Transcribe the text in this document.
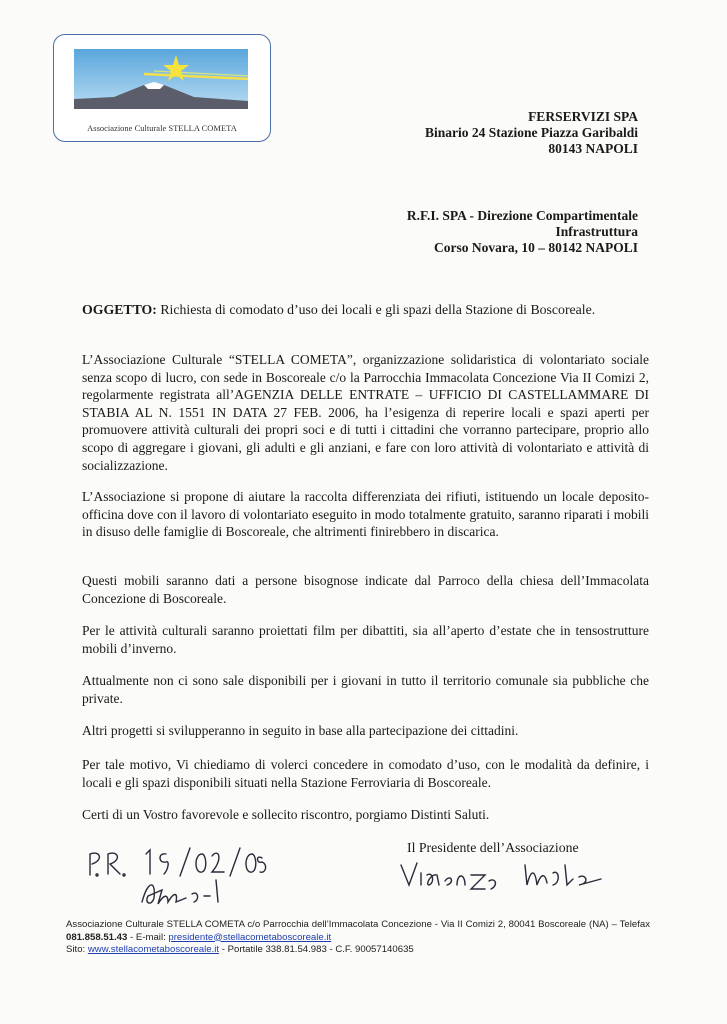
Associazione Culturale STELLA COMETA
FERSERVIZI SPA
Binario 24 Stazione Piazza Garibaldi
80143 NAPOLI
R.F.I. SPA - Direzione Compartimentale
Infrastruttura
Corso Novara, 10 – 80142 NAPOLI

OGGETTO: Richiesta di comodato d’uso dei locali e gli spazi della Stazione di Boscoreale.

L’Associazione Culturale “STELLA COMETA”, organizzazione solidaristica di volontariato sociale senza scopo di lucro, con sede in Boscoreale c/o la Parrocchia Immacolata Concezione Via II Comizi 2, regolarmente registrata all’AGENZIA DELLE ENTRATE – UFFICIO DI CASTELLAMMARE DI STABIA AL N. 1551 IN DATA 27 FEB. 2006, ha l’esigenza di reperire locali e spazi aperti per promuovere attività culturali dei propri soci e di tutti i cittadini che vorranno partecipare, proprio allo scopo di aggregare i giovani, gli adulti e gli anziani, e fare con loro attività di volontariato e attività di socializzazione.

L’Associazione si propone di aiutare la raccolta differenziata dei rifiuti, istituendo un locale deposito-officina dove con il lavoro di volontariato eseguito in modo totalmente gratuito, saranno riparati i mobili in disuso delle famiglie di Boscoreale, che altrimenti finirebbero in discarica.

Questi mobili saranno dati a persone bisognose indicate dal Parroco della chiesa dell’Immacolata Concezione di Boscoreale.

Per le attività culturali saranno proiettati film per dibattiti, sia all’aperto d’estate che in tensostrutture mobili d’inverno.

Attualmente non ci sono sale disponibili per i giovani in tutto il territorio comunale sia pubbliche che private.

Altri progetti si svilupperanno in seguito in base alla partecipazione dei cittadini.

Per tale motivo, Vi chiediamo di volerci concedere in comodato d’uso, con le modalità da definire, i locali e gli spazi disponibili situati nella Stazione Ferroviaria di Boscoreale.

Certi di un Vostro favorevole e sollecito riscontro, porgiamo Distinti Saluti.

Il Presidente dell’Associazione
Associazione Culturale STELLA COMETA c/o Parrocchia dell’Immacolata Concezione - Via II Comizi 2, 80041 Boscoreale (NA) – Telefax 081.858.51.43 - E-mail: presidente@stellacometaboscoreale.it
Sito: www.stellacometaboscoreale.it - Portatile 338.81.54.983 - C.F. 90057140635
